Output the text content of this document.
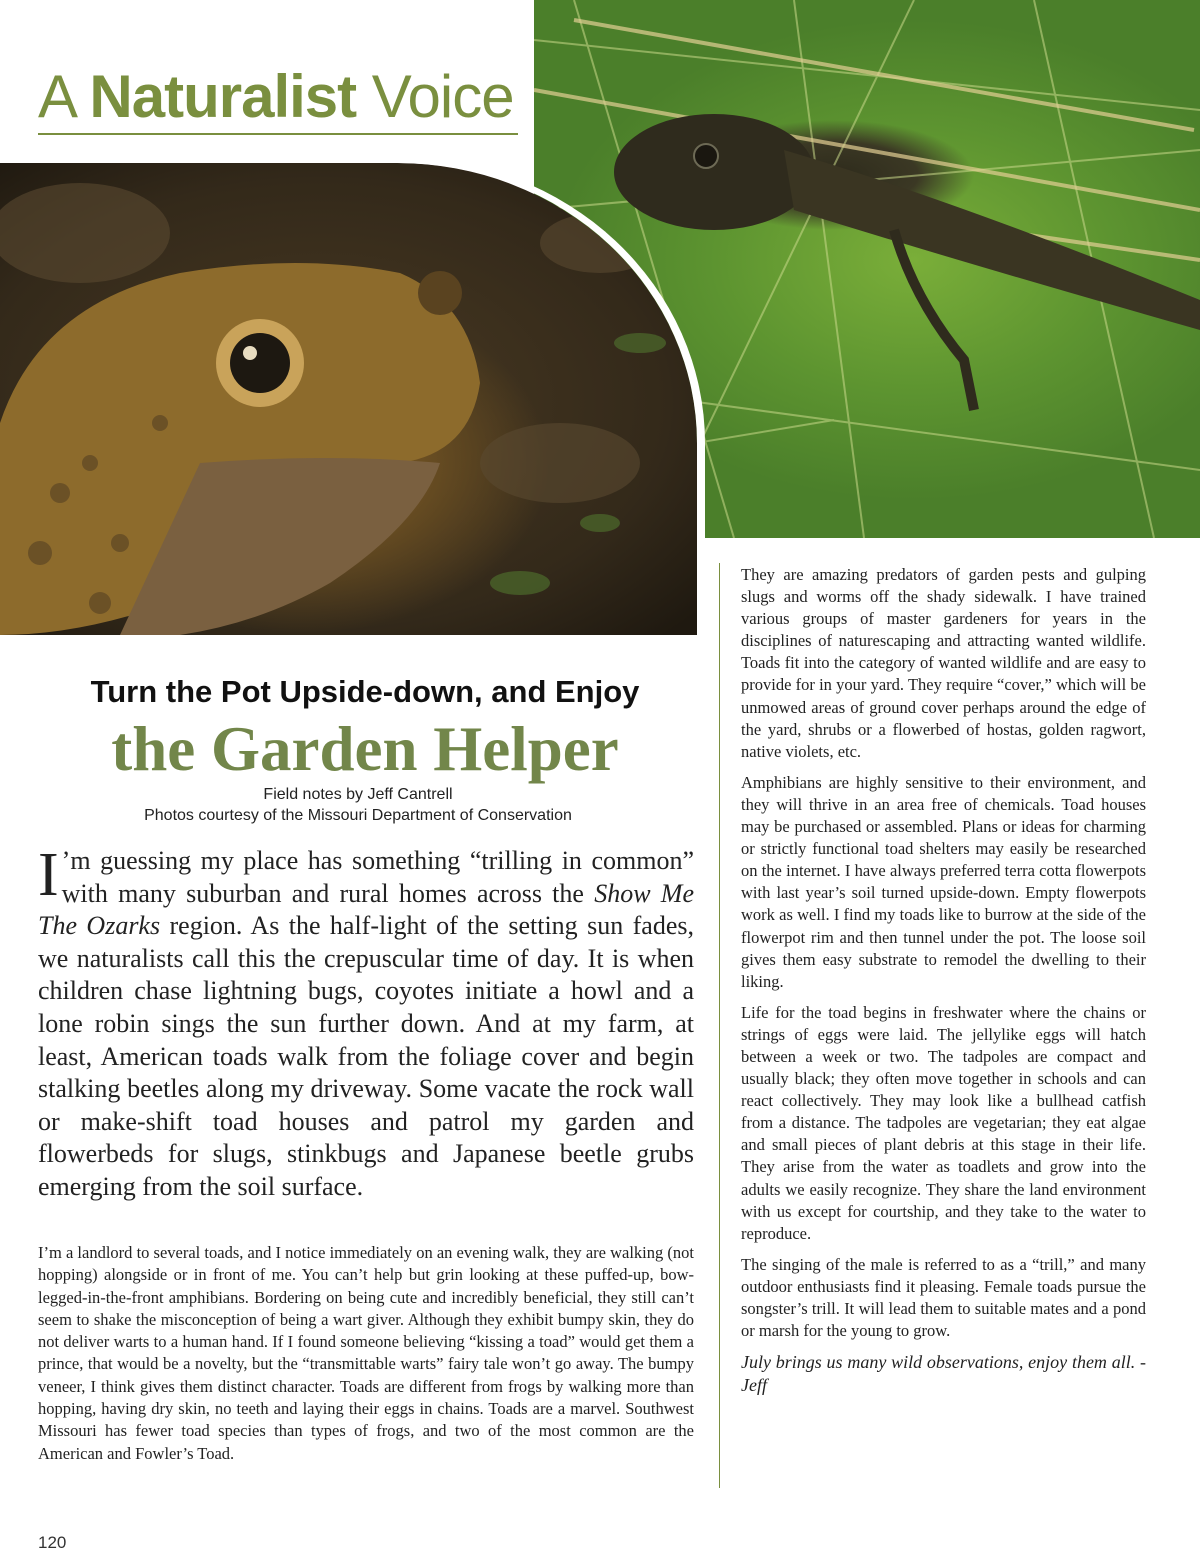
A Naturalist Voice
Turn the Pot Upside-down, and Enjoy
the Garden Helper

Field notes by Jeff Cantrell

Photos courtesy of the Missouri Department of Conservation

I ’m guessing my place has something “trilling in common” with many suburban and rural homes across the Show Me The Ozarks region. As the half-light of the setting sun fades, we naturalists call this the crepuscular time of day. It is when children chase lightning bugs, coyotes initiate a howl and a lone robin sings the sun further down. And at my farm, at least, American toads walk from the foliage cover and begin stalking beetles along my driveway. Some vacate the rock wall or make-shift toad houses and patrol my garden and flowerbeds for slugs, stinkbugs and Japanese beetle grubs emerging from the soil surface.

I’m a landlord to several toads, and I notice immediately on an evening walk, they are walking (not hopping) alongside or in front of me. You can’t help but grin looking at these puffed-up, bow-legged-in-the-front amphibians. Bordering on being cute and incredibly beneficial, they still can’t seem to shake the misconception of being a wart giver. Although they exhibit bumpy skin, they do not deliver warts to a human hand. If I found someone believing “kissing a toad” would get them a prince, that would be a novelty, but the “transmittable warts” fairy tale won’t go away. The bumpy veneer, I think gives them distinct character. Toads are different from frogs by walking more than hopping, having dry skin, no teeth and laying their eggs in chains. Toads are a marvel. Southwest Missouri has fewer toad species than types of frogs, and two of the most common are the American and Fowler’s Toad.

They are amazing predators of garden pests and gulping slugs and worms off the shady sidewalk. I have trained various groups of master gardeners for years in the disciplines of naturescaping and attracting wanted wildlife. Toads fit into the category of wanted wildlife and are easy to provide for in your yard. They require “cover,” which will be unmowed areas of ground cover perhaps around the edge of the yard, shrubs or a flowerbed of hostas, golden ragwort, native violets, etc.

Amphibians are highly sensitive to their environment, and they will thrive in an area free of chemicals. Toad houses may be purchased or assembled. Plans or ideas for charming or strictly functional toad shelters may easily be researched on the internet. I have always preferred terra cotta flowerpots with last year’s soil turned upside-down. Empty flowerpots work as well. I find my toads like to burrow at the side of the flowerpot rim and then tunnel under the pot. The loose soil gives them easy substrate to remodel the dwelling to their liking.

Life for the toad begins in freshwater where the chains or strings of eggs were laid. The jellylike eggs will hatch between a week or two. The tadpoles are compact and usually black; they often move together in schools and can react collectively. They may look like a bullhead catfish from a distance. The tadpoles are vegetarian; they eat algae and small pieces of plant debris at this stage in their life. They arise from the water as toadlets and grow into the adults we easily recognize. They share the land environment with us except for courtship, and they take to the water to reproduce.

The singing of the male is referred to as a “trill,” and many outdoor enthusiasts find it pleasing. Female toads pursue the songster’s trill. It will lead them to suitable mates and a pond or marsh for the young to grow.

July brings us many wild observations, enjoy them all. - Jeff

120
